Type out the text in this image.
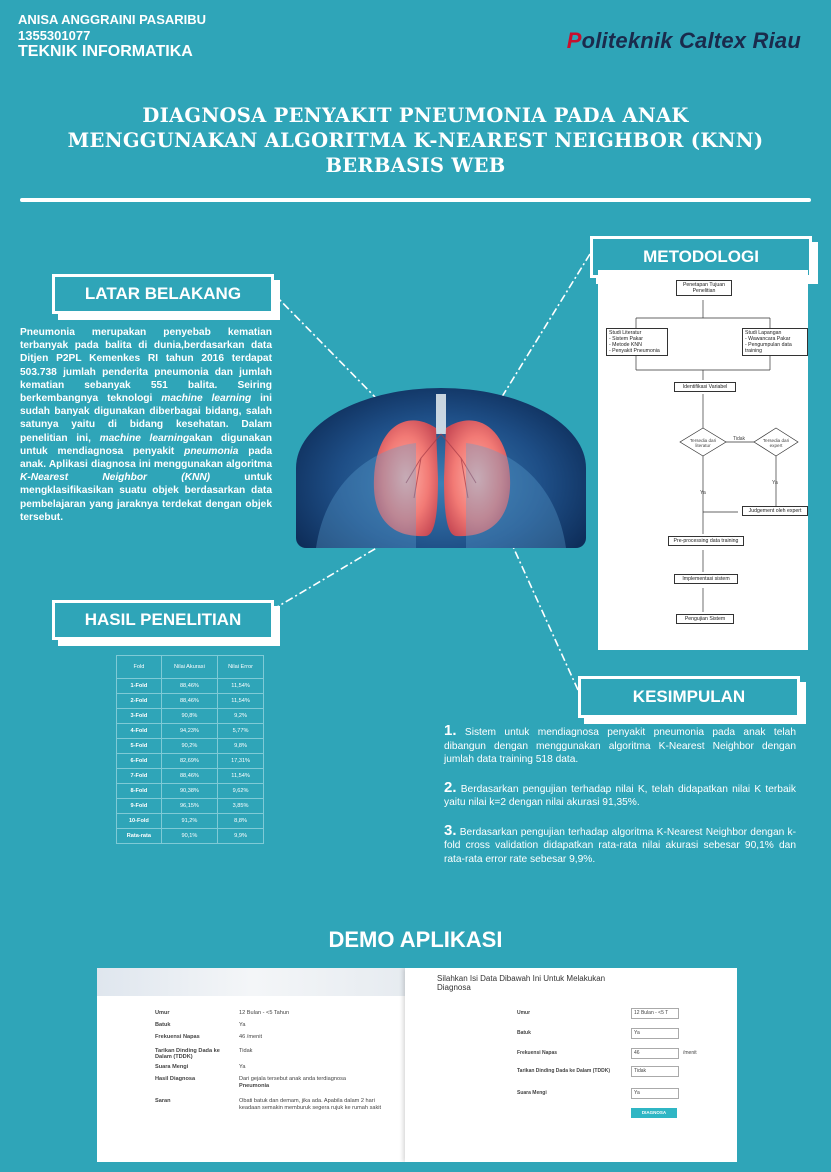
ANISA ANGGRAINI PASARIBU
1355301077
TEKNIK INFORMATIKA	Politeknik Caltex Riau
DIAGNOSA PENYAKIT PNEUMONIA PADA ANAK
MENGGUNAKAN ALGORITMA K-NEAREST NEIGHBOR (KNN)
BERBASIS WEB
LATAR BELAKANG
HASIL PENELITIAN
METODOLOGI
KESIMPULAN
Pneumonia merupakan penyebab kematian terbanyak pada balita di dunia,berdasarkan data Ditjen P2PL Kemenkes RI tahun 2016 terdapat 503.738 jumlah penderita pneumonia dan jumlah kematian sebanyak 551 balita. Seiring berkembangnya teknologi machine learning ini sudah banyak digunakan diberbagai bidang, salah satunya yaitu di bidang kesehatan. Dalam penelitian ini, machine learningakan digunakan untuk mendiagnosa penyakit pneumonia pada anak. Aplikasi diagnosa ini menggunakan algoritma K-Nearest Neighbor (KNN) untuk mengklasifikasikan suatu objek berdasarkan data pembelajaran yang jaraknya terdekat dengan objek tersebut.
Penetapan Tujuan Penelitian
Studi Literatur
- Sistem Pakar
- Metode KNN
- Penyakit Pneumonia
Studi Lapangan
- Wawancara Pakar
- Pengumpulan data training
Identifikasi Variabel
Tersedia dari literatur
Tersedia dari expert
Tidak
Ya
Ya
Judgement oleh expert
Pre-processing data training
Implementasi sistem
Pengujian Sistem
Fold	Nilai Akurasi	Nilai Error
1-Fold	88,46%	11,54%
2-Fold	88,46%	11,54%
3-Fold	90,8%	9,2%
4-Fold	94,23%	5,77%
5-Fold	90,2%	9,8%
6-Fold	82,69%	17,31%
7-Fold	88,46%	11,54%
8-Fold	90,38%	9,62%
9-Fold	96,15%	3,85%
10-Fold	91,2%	8,8%
Rata-rata	90,1%	9,9%

1. Sistem untuk mendiagnosa penyakit pneumonia pada anak telah dibangun dengan menggunakan algoritma K-Nearest Neighbor dengan jumlah data training 518 data.

2. Berdasarkan pengujian terhadap nilai K, telah didapatkan nilai K terbaik yaitu nilai k=2 dengan nilai akurasi 91,35%.

3. Berdasarkan pengujian terhadap algoritma K-Nearest Neighbor dengan k-fold cross validation didapatkan rata-rata nilai akurasi sebesar 90,1% dan rata-rata error rate sebesar 9,9%.

DEMO APLIKASI
Umur	12 Bulan - <5 Tahun
Batuk	Ya
Frekuensi Napas	46 /menit
Tarikan Dinding Dada ke Dalam (TDDK)
Tidak
Suara Mengi	Ya
Hasil Diagnosa	Dari gejala tersebut anak anda terdiagnosa
Pneumonia
Saran	Obati batuk dan demam, jika ada. Apabila dalam 2 hari keadaan semakin memburuk segera rujuk ke rumah sakit
Silahkan Isi Data Dibawah Ini Untuk Melakukan Diagnosa
Umur	12 Bulan - <5 T
Batuk	Ya
Frekuensi Napas	46	/menit
Tarikan Dinding Dada ke Dalam (TDDK)	Tidak
Suara Mengi	Ya
DIAGNOSA
